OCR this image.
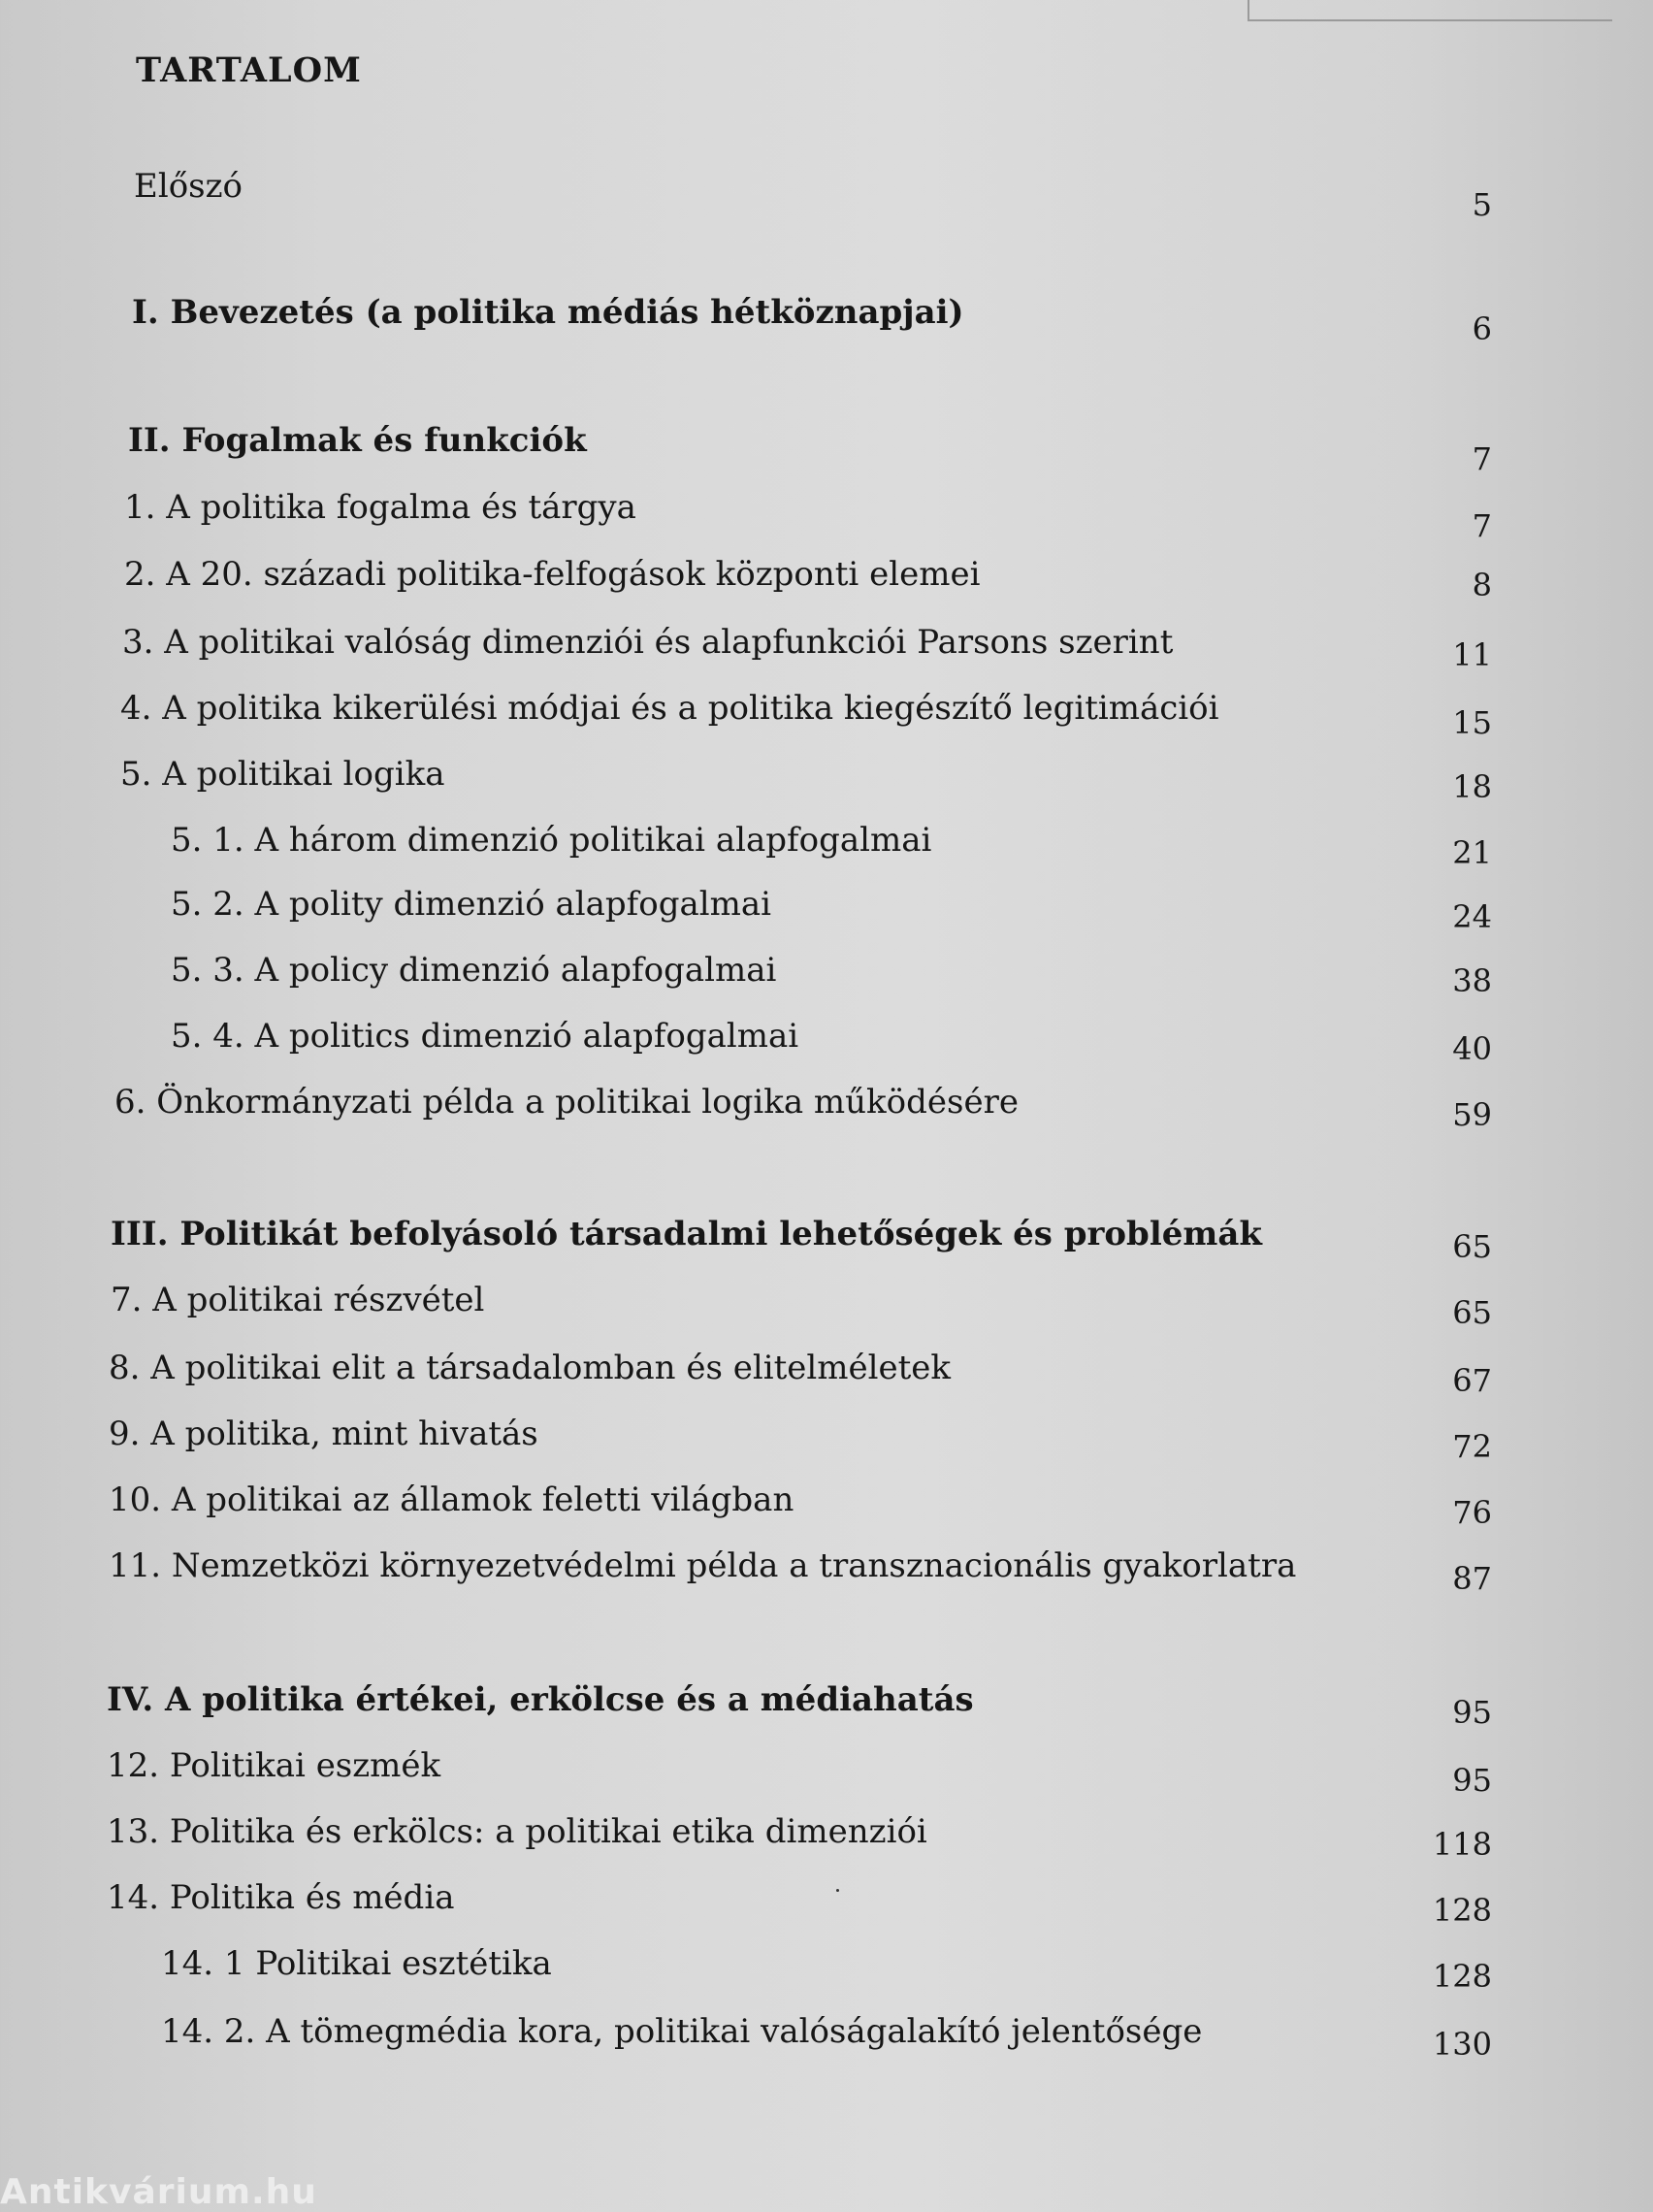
TARTALOM
Előszó	5
I. Bevezetés (a politika médiás hétköznapjai)	6
II. Fogalmak és funkciók	7
1. A politika fogalma és tárgya	7
2. A 20. századi politika-felfogások központi elemei	8
3. A politikai valóság dimenziói és alapfunkciói Parsons szerint	11
4. A politika kikerülési módjai és a politika kiegészítő legitimációi	15
5. A politikai logika	18
5. 1. A három dimenzió politikai alapfogalmai	21
5. 2. A polity dimenzió alapfogalmai	24
5. 3. A policy dimenzió alapfogalmai	38
5. 4. A politics dimenzió alapfogalmai	40
6. Önkormányzati példa a politikai logika működésére	59
III. Politikát befolyásoló társadalmi lehetőségek és problémák	65
7. A politikai részvétel	65
8. A politikai elit a társadalomban és elitelméletek	67
9. A politika, mint hivatás	72
10. A politikai az államok feletti világban	76
11. Nemzetközi környezetvédelmi példa a transznacionális gyakorlatra	87
IV. A politika értékei, erkölcse és a médiahatás	95
12. Politikai eszmék	95
13. Politika és erkölcs: a politikai etika dimenziói	118
14. Politika és média	128
14. 1 Politikai esztétika	128
14. 2. A tömegmédia kora, politikai valóságalakító jelentősége	130
Antikvárium.hu
